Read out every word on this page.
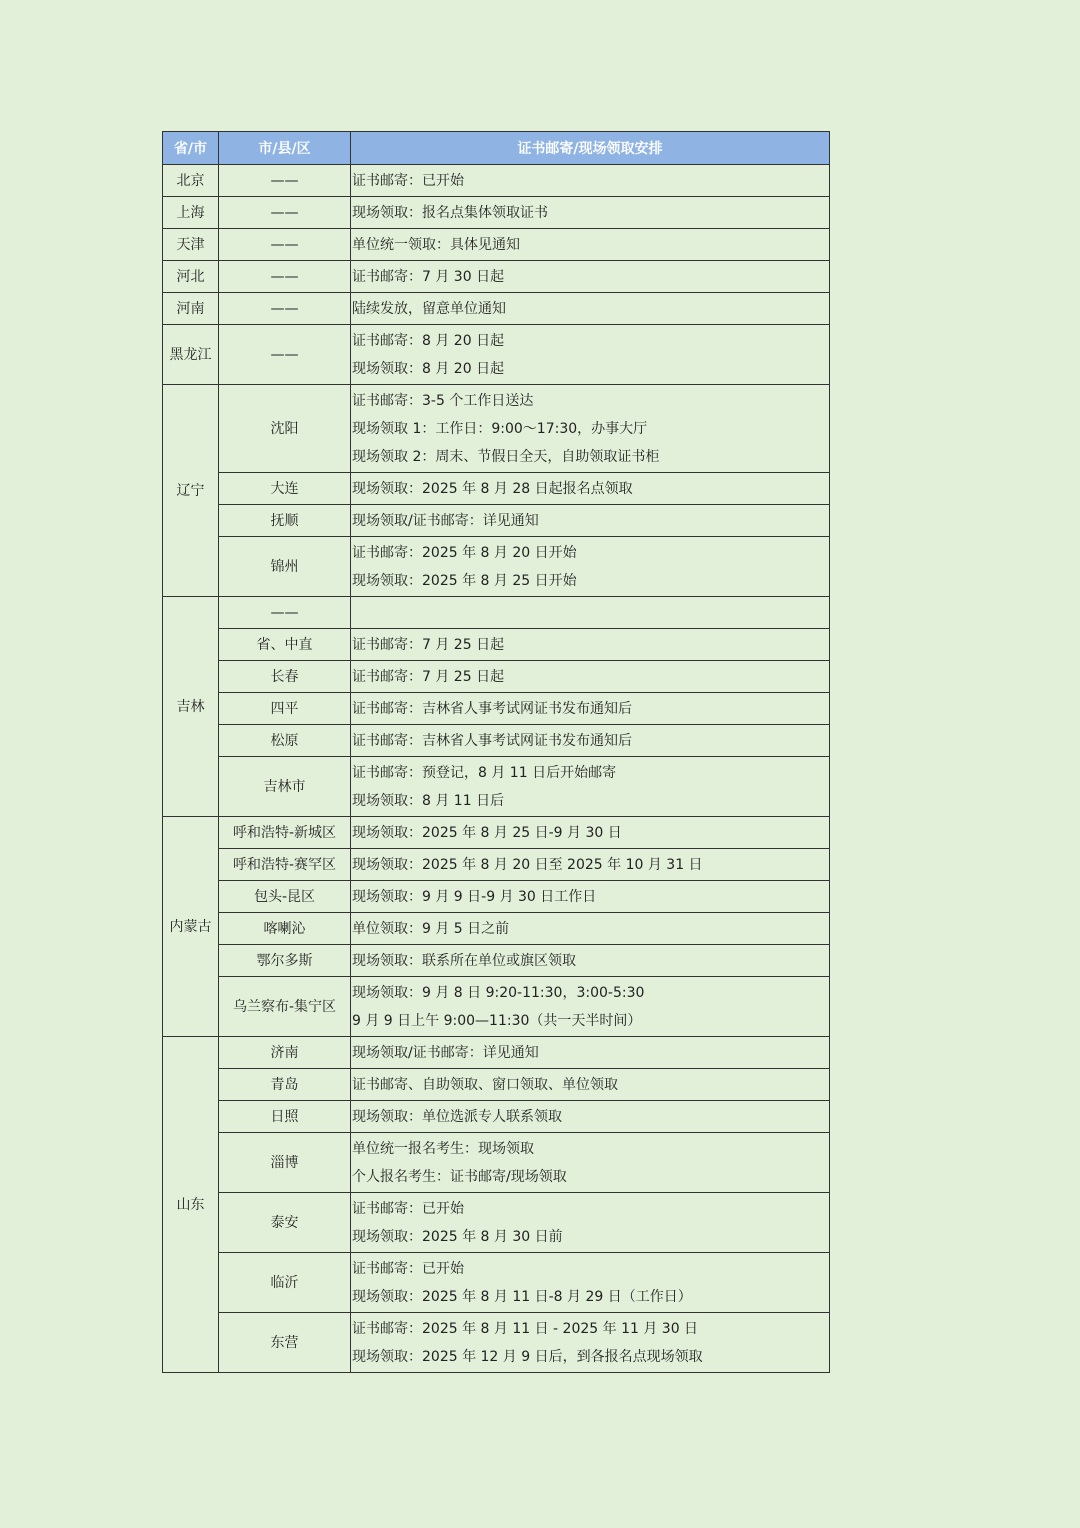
省/市	市/县/区	证书邮寄/现场领取安排
北京	——	证书邮寄：已开始

上海	——	现场领取：报名点集体领取证书

天津	——	单位统一领取：具体见通知

河北	——	证书邮寄：7 月 30 日起

河南	——	陆续发放，留意单位通知

黑龙江	——	证书邮寄：8 月 20 日起
现场领取：8 月 20 日起

辽宁	沈阳	证书邮寄：3-5 个工作日送达
现场领取 1：工作日：9:00～17:30，办事大厅
现场领取 2：周末、节假日全天，自助领取证书柜

	大连	现场领取：2025 年 8 月 28 日起报名点领取

	抚顺	现场领取/证书邮寄：详见通知

	锦州	证书邮寄：2025 年 8 月 20 日开始
现场领取：2025 年 8 月 25 日开始

吉林	——	

	省、中直	证书邮寄：7 月 25 日起

	长春	证书邮寄：7 月 25 日起

	四平	证书邮寄：吉林省人事考试网证书发布通知后

	松原	证书邮寄：吉林省人事考试网证书发布通知后

	吉林市	证书邮寄：预登记，8 月 11 日后开始邮寄
现场领取：8 月 11 日后

内蒙古	呼和浩特-新城区	现场领取：2025 年 8 月 25 日-9 月 30 日

	呼和浩特-赛罕区	现场领取：2025 年 8 月 20 日至 2025 年 10 月 31 日

	包头-昆区	现场领取：9 月 9 日-9 月 30 日工作日

	喀喇沁	单位领取：9 月 5 日之前

	鄂尔多斯	现场领取：联系所在单位或旗区领取

	乌兰察布-集宁区	现场领取：9 月 8 日 9:20-11:30，3:00-5:30
9 月 9 日上午 9:00—11:30（共一天半时间）

山东	济南	现场领取/证书邮寄：详见通知

	青岛	证书邮寄、自助领取、窗口领取、单位领取

	日照	现场领取：单位选派专人联系领取

	淄博	单位统一报名考生：现场领取
个人报名考生：证书邮寄/现场领取

	泰安	证书邮寄：已开始
现场领取：2025 年 8 月 30 日前

	临沂	证书邮寄：已开始
现场领取：2025 年 8 月 11 日-8 月 29 日（工作日）

	东营	证书邮寄：2025 年 8 月 11 日 - 2025 年 11 月 30 日
现场领取：2025 年 12 月 9 日后，到各报名点现场领取
